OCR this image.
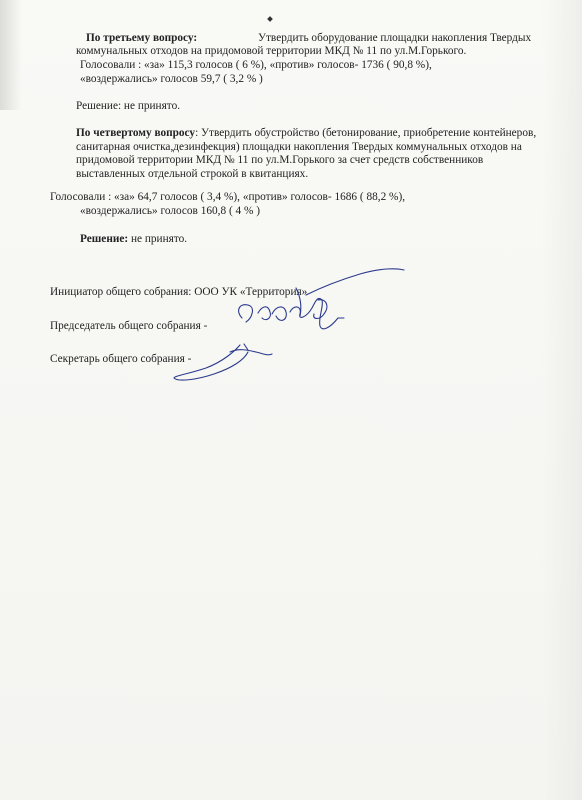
По третьему вопросу:	Утвердить оборудование площадки накопления Твердых
коммунальных отходов на придомовой территории МКД № 11 по ул.М.Горького.
Голосовали : «за» 115,3 голосов ( 6 %), «против» голосов- 1736 ( 90,8 %),
«воздержались» голосов 59,7 ( 3,2 % )
Решение: не принято.
По четвертому вопросу: Утвердить обустройство (бетонирование, приобретение контейнеров,
санитарная очистка,дезинфекция) площадки накопления Твердых коммунальных отходов на
придомовой территории МКД № 11 по ул.М.Горького за счет средств собственников
выставленных отдельной строкой в квитанциях.
Голосовали : «за» 64,7 голосов ( 3,4 %), «против» голосов- 1686 ( 88,2 %),
«воздержались» голосов 160,8 ( 4 % )
Решение: не принято.
Инициатор общего собрания: ООО УК «Территория»
Председатель общего собрания -
Секретарь общего собрания -
